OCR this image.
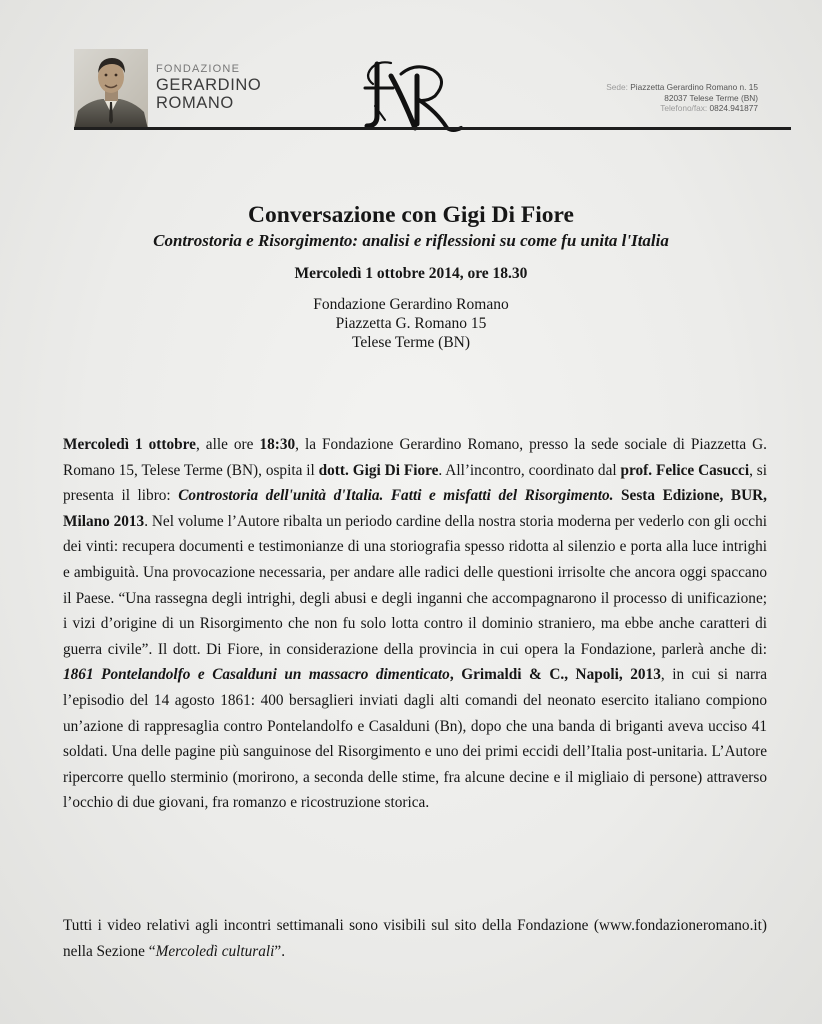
FONDAZIONE
GERARDINO
ROMANO
Sede: Piazzetta Gerardino Romano n. 15
82037 Telese Terme (BN)
Telefono/fax: 0824.941877
Conversazione con Gigi Di Fiore

Controstoria e Risorgimento: analisi e riflessioni su come fu unita l'Italia

Mercoledì 1 ottobre 2014, ore 18.30
Fondazione Gerardino Romano
Piazzetta G. Romano 15
Telese Terme (BN)

Mercoledì 1 ottobre, alle ore 18:30, la Fondazione Gerardino Romano, presso la sede sociale di Piazzetta G. Romano 15, Telese Terme (BN), ospita il dott. Gigi Di Fiore. All’incontro, coordinato dal prof. Felice Casucci, si presenta il libro: Controstoria dell'unità d'Italia. Fatti e misfatti del Risorgimento. Sesta Edizione, BUR, Milano 2013. Nel volume l’Autore ribalta un periodo cardine della nostra storia moderna per vederlo con gli occhi dei vinti: recupera documenti e testimonianze di una storiografia spesso ridotta al silenzio e porta alla luce intrighi e ambiguità. Una provocazione necessaria, per andare alle radici delle questioni irrisolte che ancora oggi spaccano il Paese. “Una rassegna degli intrighi, degli abusi e degli inganni che accompagnarono il processo di unificazione; i vizi d’origine di un Risorgimento che non fu solo lotta contro il dominio straniero, ma ebbe anche caratteri di guerra civile”. Il dott. Di Fiore, in considerazione della provincia in cui opera la Fondazione, parlerà anche di: 1861 Pontelandolfo e Casalduni un massacro dimenticato, Grimaldi & C., Napoli, 2013, in cui si narra l’episodio del 14 agosto 1861: 400 bersaglieri inviati dagli alti comandi del neonato esercito italiano compiono un’azione di rappresaglia contro Pontelandolfo e Casalduni (Bn), dopo che una banda di briganti aveva ucciso 41 soldati. Una delle pagine più sanguinose del Risorgimento e uno dei primi eccidi dell’Italia post-unitaria. L’Autore ripercorre quello sterminio (morirono, a seconda delle stime, fra alcune decine e il migliaio di persone) attraverso l’occhio di due giovani, fra romanzo e ricostruzione storica.

Tutti i video relativi agli incontri settimanali sono visibili sul sito della Fondazione (www.fondazioneromano.it) nella Sezione “Mercoledì culturali”.
